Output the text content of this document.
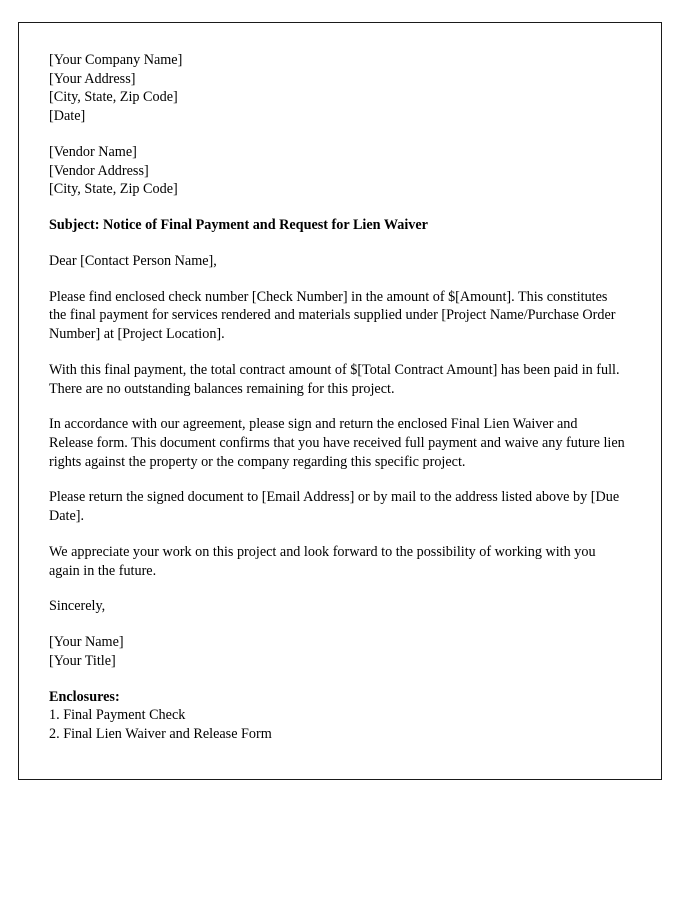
[Your Company Name]
[Your Address]
[City, State, Zip Code]
[Date]
[Vendor Name]
[Vendor Address]
[City, State, Zip Code]
Subject: Notice of Final Payment and Request for Lien Waiver
Dear [Contact Person Name],
Please find enclosed check number [Check Number] in the amount of $[Amount]. This constitutes the final payment for services rendered and materials supplied under [Project Name/Purchase Order Number] at [Project Location].
With this final payment, the total contract amount of $[Total Contract Amount] has been paid in full. There are no outstanding balances remaining for this project.
In accordance with our agreement, please sign and return the enclosed Final Lien Waiver and Release form. This document confirms that you have received full payment and waive any future lien rights against the property or the company regarding this specific project.
Please return the signed document to [Email Address] or by mail to the address listed above by [Due Date].
We appreciate your work on this project and look forward to the possibility of working with you again in the future.
Sincerely,
[Your Name]
[Your Title]
Enclosures:
1. Final Payment Check
2. Final Lien Waiver and Release Form
